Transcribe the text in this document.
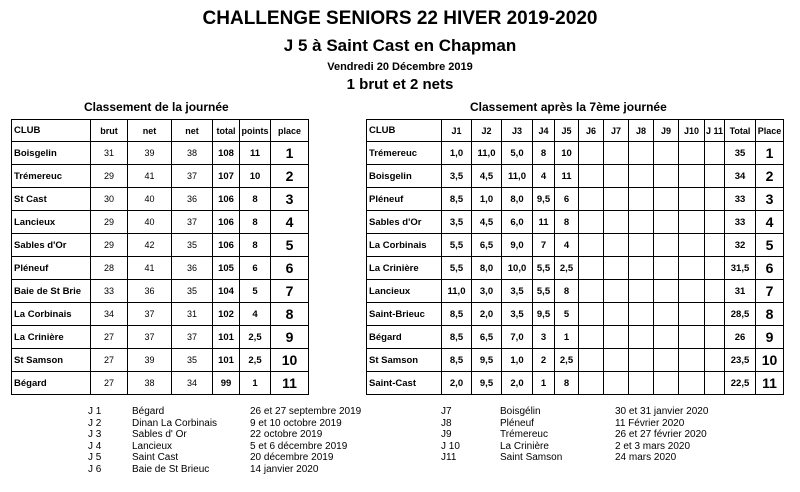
CHALLENGE SENIORS 22 HIVER 2019-2020
J 5 à Saint Cast en Chapman
Vendredi 20 Décembre 2019
1 brut et 2 nets
Classement de la journée	Classement après la 7ème journée
CLUB	brut	net	net	total	points	place
Boisgelin	31	39	38	108	11	1
Trémereuc	29	41	37	107	10	2
St Cast	30	40	36	106	8	3
Lancieux	29	40	37	106	8	4
Sables d'Or	29	42	35	106	8	5
Pléneuf	28	41	36	105	6	6
Baie de St Brie	33	36	35	104	5	7
La Corbinais	34	37	31	102	4	8
La Crinière	27	37	37	101	2,5	9
St Samson	27	39	35	101	2,5	10
Bégard	27	38	34	99	1	11
CLUB	J1	J2	J3	J4	J5	J6	J7	J8	J9	J10	J 11	Total	Place
Trémereuc	1,0	11,0	5,0	8	10							35	1
Boisgelin	3,5	4,5	11,0	4	11							34	2
Pléneuf	8,5	1,0	8,0	9,5	6							33	3
Sables d'Or	3,5	4,5	6,0	11	8							33	4
La Corbinais	5,5	6,5	9,0	7	4							32	5
La Crinière	5,5	8,0	10,0	5,5	2,5							31,5	6
Lancieux	11,0	3,0	3,5	5,5	8							31	7
Saint-Brieuc	8,5	2,0	3,5	9,5	5							28,5	8
Bégard	8,5	6,5	7,0	3	1							26	9
St Samson	8,5	9,5	1,0	2	2,5							23,5	10
Saint-Cast	2,0	9,5	2,0	1	8							22,5	11
J 1	Bégard	26 et 27 septembre 2019
J 2	Dinan La Corbinais	9 et 10 octobre 2019
J 3	Sables d' Or	22 octobre 2019
J 4	Lancieux	5 et 6 décembre 2019
J 5	Saint Cast	20 décembre 2019
J 6	Baie de St Brieuc	14 janvier 2020
J7	Boisgélin	30 et 31 janvier 2020
J8	Pléneuf	11 Février 2020
J9	Trémereuc	26 et 27 février 2020
J 10	La Crinière	2 et 3 mars 2020
J11	Saint Samson	24 mars 2020
